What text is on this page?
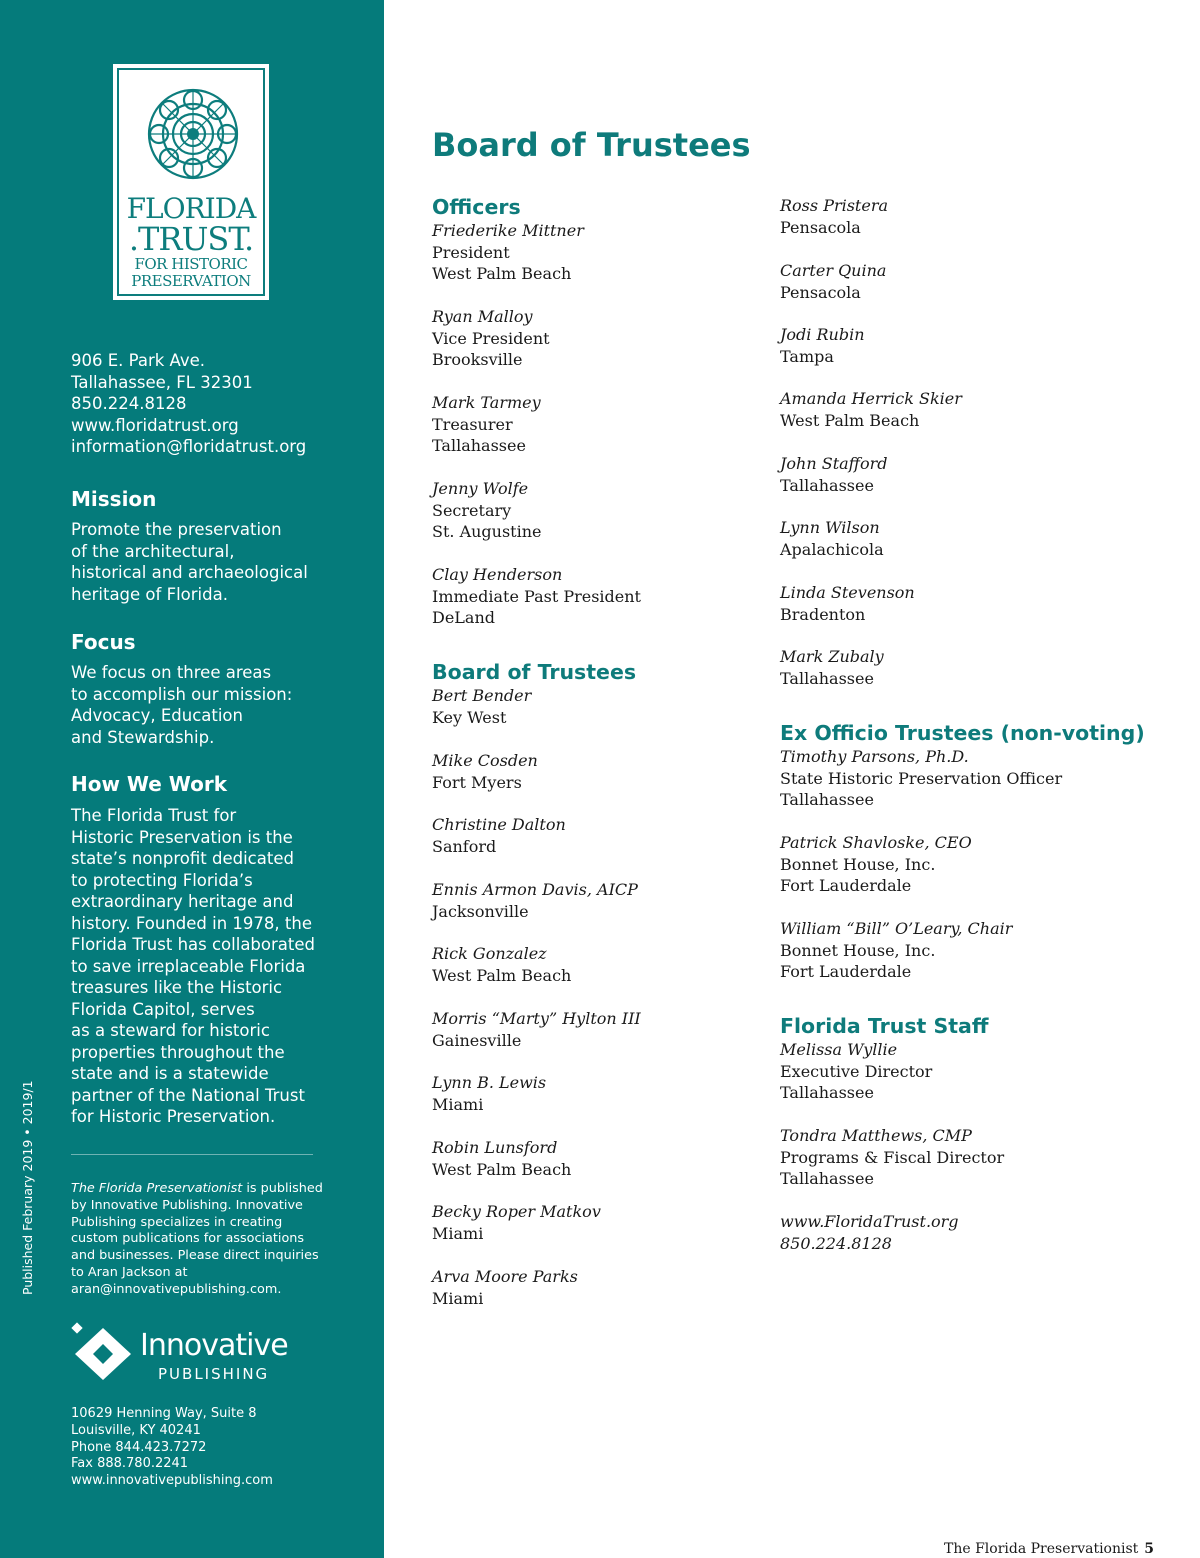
FLORIDA
.TRUST.
FOR HISTORIC
PRESERVATION
906 E. Park Ave.
Tallahassee, FL 32301
850.224.8128
www.floridatrust.org
information@floridatrust.org
Mission
Promote the preservation
of the architectural,
historical and archaeological
heritage of Florida.
Focus
We focus on three areas
to accomplish our mission:
Advocacy, Education
and Stewardship.
How We Work
The Florida Trust for
Historic Preservation is the
state’s nonprofit dedicated
to protecting Florida’s
extraordinary heritage and
history. Founded in 1978, the
Florida Trust has collaborated
to save irreplaceable Florida
treasures like the Historic
Florida Capitol, serves
as a steward for historic
properties throughout the
state and is a statewide
partner of the National Trust
for Historic Preservation.
The Florida Preservationist is published by Innovative Publishing. Innovative Publishing specializes in creating custom publications for associations and businesses. Please direct inquiries to Aran Jackson at aran@innovativepublishing.com.
Published February 2019 • 2019/1
Innovative
PUBLISHING
10629 Henning Way, Suite 8
Louisville, KY 40241
Phone 844.423.7272
Fax 888.780.2241
www.innovativepublishing.com
Board of Trustees
Officers
Friederike Mittner
President
West Palm Beach
Ryan Malloy
Vice President
Brooksville
Mark Tarmey
Treasurer
Tallahassee
Jenny Wolfe
Secretary
St. Augustine
Clay Henderson
Immediate Past President
DeLand
Board of Trustees
Bert Bender
Key West
Mike Cosden
Fort Myers
Christine Dalton
Sanford
Ennis Armon Davis, AICP
Jacksonville
Rick Gonzalez
West Palm Beach
Morris “Marty” Hylton III
Gainesville
Lynn B. Lewis
Miami
Robin Lunsford
West Palm Beach
Becky Roper Matkov
Miami
Arva Moore Parks
Miami
Ross Pristera
Pensacola
Carter Quina
Pensacola
Jodi Rubin
Tampa
Amanda Herrick Skier
West Palm Beach
John Stafford
Tallahassee
Lynn Wilson
Apalachicola
Linda Stevenson
Bradenton
Mark Zubaly
Tallahassee
Ex Officio Trustees (non-voting)
Timothy Parsons, Ph.D.
State Historic Preservation Officer
Tallahassee
Patrick Shavloske, CEO
Bonnet House, Inc.
Fort Lauderdale
William “Bill” O’Leary, Chair
Bonnet House, Inc.
Fort Lauderdale
Florida Trust Staff
Melissa Wyllie
Executive Director
Tallahassee
Tondra Matthews, CMP
Programs & Fiscal Director
Tallahassee
www.FloridaTrust.org
850.224.8128
The Florida Preservationist 5
